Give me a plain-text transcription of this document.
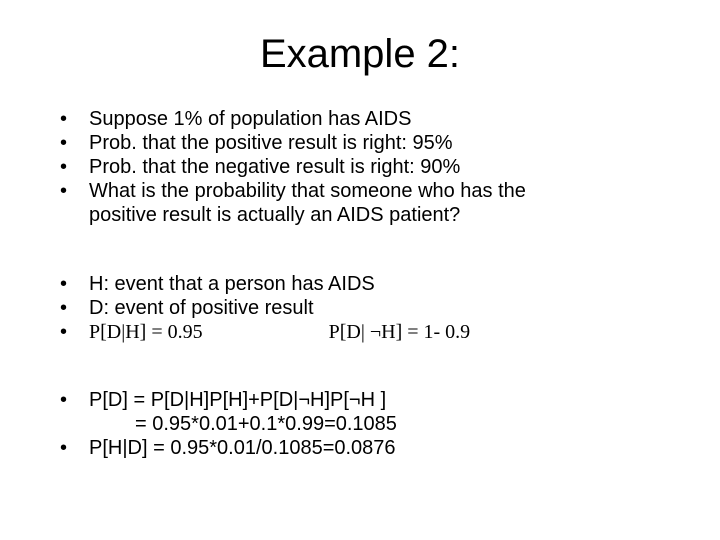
Example 2:
•	Suppose 1% of population has AIDS
•	Prob. that the positive result is right: 95%
•	Prob. that the negative result is right: 90%
•	What is the probability that someone who has the
positive result is actually an AIDS patient?
•	H: event that a person has AIDS
•	D: event of positive result
•	P[D|H] = 0.95	P[D| ¬H] = 1- 0.9
•	P[D] = P[D|H]P[H]+P[D|¬H]P[¬H ]
= 0.95*0.01+0.1*0.99=0.1085
•	P[H|D] = 0.95*0.01/0.1085=0.0876
